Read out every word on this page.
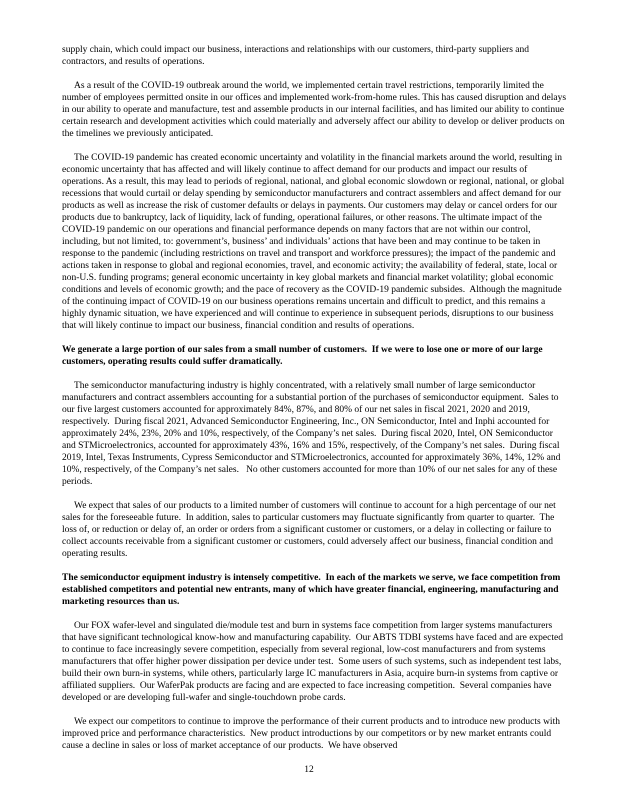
supply chain, which could impact our business, interactions and relationships with our customers, third-party suppliers and contractors, and results of operations.

As a result of the COVID-19 outbreak around the world, we implemented certain travel restrictions, temporarily limited the number of employees permitted onsite in our offices and implemented work-from-home rules. This has caused disruption and delays in our ability to operate and manufacture, test and assemble products in our internal facilities, and has limited our ability to continue certain research and development activities which could materially and adversely affect our ability to develop or deliver products on the timelines we previously anticipated.

The COVID-19 pandemic has created economic uncertainty and volatility in the financial markets around the world, resulting in economic uncertainty that has affected and will likely continue to affect demand for our products and impact our results of operations. As a result, this may lead to periods of regional, national, and global economic slowdown or regional, national, or global recessions that would curtail or delay spending by semiconductor manufacturers and contract assemblers and affect demand for our products as well as increase the risk of customer defaults or delays in payments. Our customers may delay or cancel orders for our products due to bankruptcy, lack of liquidity, lack of funding, operational failures, or other reasons. The ultimate impact of the COVID-19 pandemic on our operations and financial performance depends on many factors that are not within our control, including, but not limited, to: government’s, business’ and individuals’ actions that have been and may continue to be taken in response to the pandemic (including restrictions on travel and transport and workforce pressures); the impact of the pandemic and actions taken in response to global and regional economies, travel, and economic activity; the availability of federal, state, local or non-U.S. funding programs; general economic uncertainty in key global markets and financial market volatility; global economic conditions and levels of economic growth; and the pace of recovery as the COVID-19 pandemic subsides.  Although the magnitude of the continuing impact of COVID-19 on our business operations remains uncertain and difficult to predict, and this remains a highly dynamic situation, we have experienced and will continue to experience in subsequent periods, disruptions to our business that will likely continue to impact our business, financial condition and results of operations.

We generate a large portion of our sales from a small number of customers.  If we were to lose one or more of our large customers, operating results could suffer dramatically.

The semiconductor manufacturing industry is highly concentrated, with a relatively small number of large semiconductor manufacturers and contract assemblers accounting for a substantial portion of the purchases of semiconductor equipment.  Sales to our five largest customers accounted for approximately 84%, 87%, and 80% of our net sales in fiscal 2021, 2020 and 2019, respectively.  During fiscal 2021, Advanced Semiconductor Engineering, Inc., ON Semiconductor, Intel and Inphi accounted for approximately 24%, 23%, 20% and 10%, respectively, of the Company’s net sales.  During fiscal 2020, Intel, ON Semiconductor and STMicroelectronics, accounted for approximately 43%, 16% and 15%, respectively, of the Company’s net sales.  During fiscal 2019, Intel, Texas Instruments, Cypress Semiconductor and STMicroelectronics, accounted for approximately 36%, 14%, 12% and 10%, respectively, of the Company’s net sales.   No other customers accounted for more than 10% of our net sales for any of these periods.

We expect that sales of our products to a limited number of customers will continue to account for a high percentage of our net sales for the foreseeable future.  In addition, sales to particular customers may fluctuate significantly from quarter to quarter.  The loss of, or reduction or delay of, an order or orders from a significant customer or customers, or a delay in collecting or failure to collect accounts receivable from a significant customer or customers, could adversely affect our business, financial condition and operating results.

The semiconductor equipment industry is intensely competitive.  In each of the markets we serve, we face competition from established competitors and potential new entrants, many of which have greater financial, engineering, manufacturing and marketing resources than us.

Our FOX wafer-level and singulated die/module test and burn in systems face competition from larger systems manufacturers that have significant technological know-how and manufacturing capability.  Our ABTS TDBI systems have faced and are expected to continue to face increasingly severe competition, especially from several regional, low-cost manufacturers and from systems manufacturers that offer higher power dissipation per device under test.  Some users of such systems, such as independent test labs, build their own burn-in systems, while others, particularly large IC manufacturers in Asia, acquire burn-in systems from captive or affiliated suppliers.  Our WaferPak products are facing and are expected to face increasing competition.  Several companies have developed or are developing full-wafer and single-touchdown probe cards.

We expect our competitors to continue to improve the performance of their current products and to introduce new products with improved price and performance characteristics.  New product introductions by our competitors or by new market entrants could cause a decline in sales or loss of market acceptance of our products.  We have observed

12
